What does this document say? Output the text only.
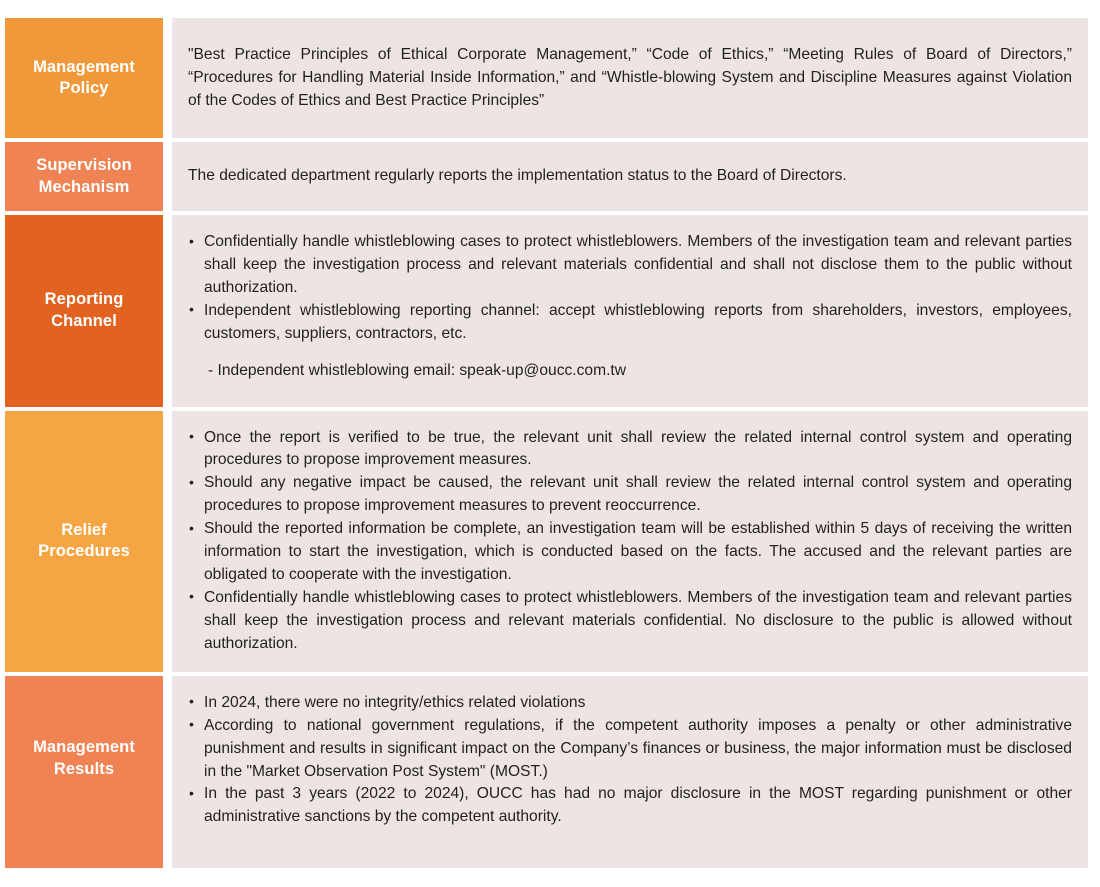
Management
Policy

"Best Practice Principles of Ethical Corporate Management,” “Code of Ethics,” “Meeting Rules of Board of Directors,” “Procedures for Handling Material Inside Information,” and “Whistle-blowing System and Discipline Measures against Violation of the Codes of Ethics and Best Practice Principles”

Supervision
Mechanism

The dedicated department regularly reports the implementation status to the Board of Directors.

Reporting
Channel
• Confidentially handle whistleblowing cases to protect whistleblowers. Members of the investigation team and relevant parties shall keep the investigation process and relevant materials confidential and shall not disclose them to the public without authorization.
• Independent whistleblowing reporting channel: accept whistleblowing reports from shareholders, investors, employees, customers, suppliers, contractors, etc.
- Independent whistleblowing email: speak-up@oucc.com.tw
Relief
Procedures
• Once the report is verified to be true, the relevant unit shall review the related internal control system and operating procedures to propose improvement measures.
• Should any negative impact be caused, the relevant unit shall review the related internal control system and operating procedures to propose improvement measures to prevent reoccurrence.
• Should the reported information be complete, an investigation team will be established within 5 days of receiving the written information to start the investigation, which is conducted based on the facts. The accused and the relevant parties are obligated to cooperate with the investigation.
• Confidentially handle whistleblowing cases to protect whistleblowers. Members of the investigation team and relevant parties shall keep the investigation process and relevant materials confidential. No disclosure to the public is allowed without authorization.
Management
Results
• In 2024, there were no integrity/ethics related violations
• According to national government regulations, if the competent authority imposes a penalty or other administrative punishment and results in significant impact on the Company’s finances or business, the major information must be disclosed in the "Market Observation Post System" (MOST.)
• In the past 3 years (2022 to 2024), OUCC has had no major disclosure in the MOST regarding punishment or other administrative sanctions by the competent authority.
